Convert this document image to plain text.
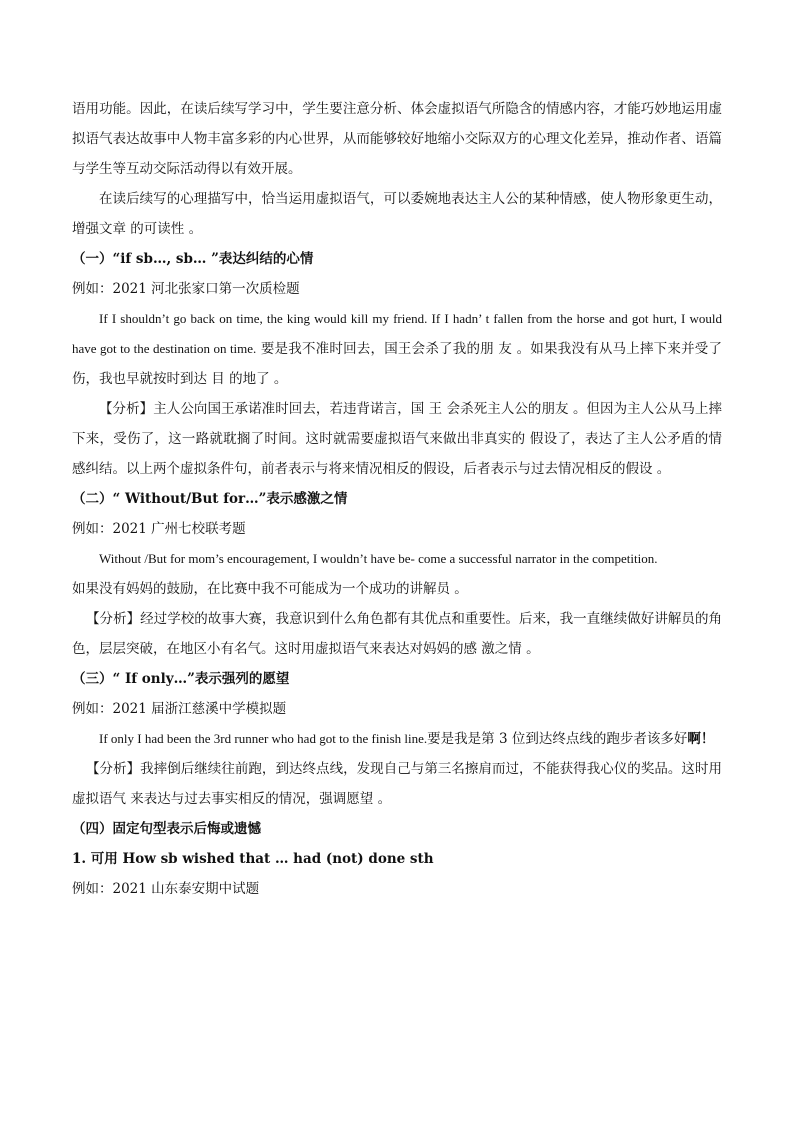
语用功能。因此，在读后续写学习中，学生要注意分析、体会虚拟语气所隐含的情感内容，才能巧妙地运用虚拟语气表达故事中人物丰富多彩的内心世界，从而能够较好地缩小交际双方的心理文化差异，推动作者、语篇与学生等互动交际活动得以有效开展。

在读后续写的心理描写中，恰当运用虚拟语气，可以委婉地表达主人公的某种情感，使人物形象更生动，增强文章 的可读性 。

（一）“if sb…, sb… ”表达纠结的心情

例如：2021 河北张家口第一次质检题

If I shouldn’t go back on time, the king would kill my friend. If I hadn’ t fallen from the horse and got hurt, I would have got to the destination on time. 要是我不准时回去，国王会杀了我的朋 友 。如果我没有从马上摔下来并受了伤，我也早就按时到达 目 的地了 。

【分析】主人公向国王承诺准时回去，若违背诺言，国 王 会杀死主人公的朋友 。但因为主人公从马上摔下来，受伤了，这一路就耽搁了时间。这时就需要虚拟语气来做出非真实的 假设了，表达了主人公矛盾的情感纠结。以上两个虚拟条件句，前者表示与将来情况相反的假设，后者表示与过去情况相反的假设 。

（二）“ Without/But for…”表示感激之情

例如：2021 广州七校联考题

Without /But for mom’s encouragement, I wouldn’t have be- come a successful narrator in the competition.
如果没有妈妈的鼓励，在比赛中我不可能成为一个成功的讲解员 。

【分析】经过学校的故事大赛，我意识到什么角色都有其优点和重要性。后来，我一直继续做好讲解员的角色，层层突破，在地区小有名气。这时用虚拟语气来表达对妈妈的感 激之情 。

（三）“ If only…”表示强列的愿望

例如：2021 届浙江慈溪中学模拟题

If only I had been the 3rd runner who had got to the finish line.要是我是第 3 位到达终点线的跑步者该多好啊！

【分析】我摔倒后继续往前跑，到达终点线，发现自己与第三名擦肩而过，不能获得我心仪的奖品。这时用虚拟语气 来表达与过去事实相反的情况，强调愿望 。

（四）固定句型表示后悔或遗憾

1. 可用 How sb wished that … had (not) done sth

例如：2021 山东泰安期中试题
